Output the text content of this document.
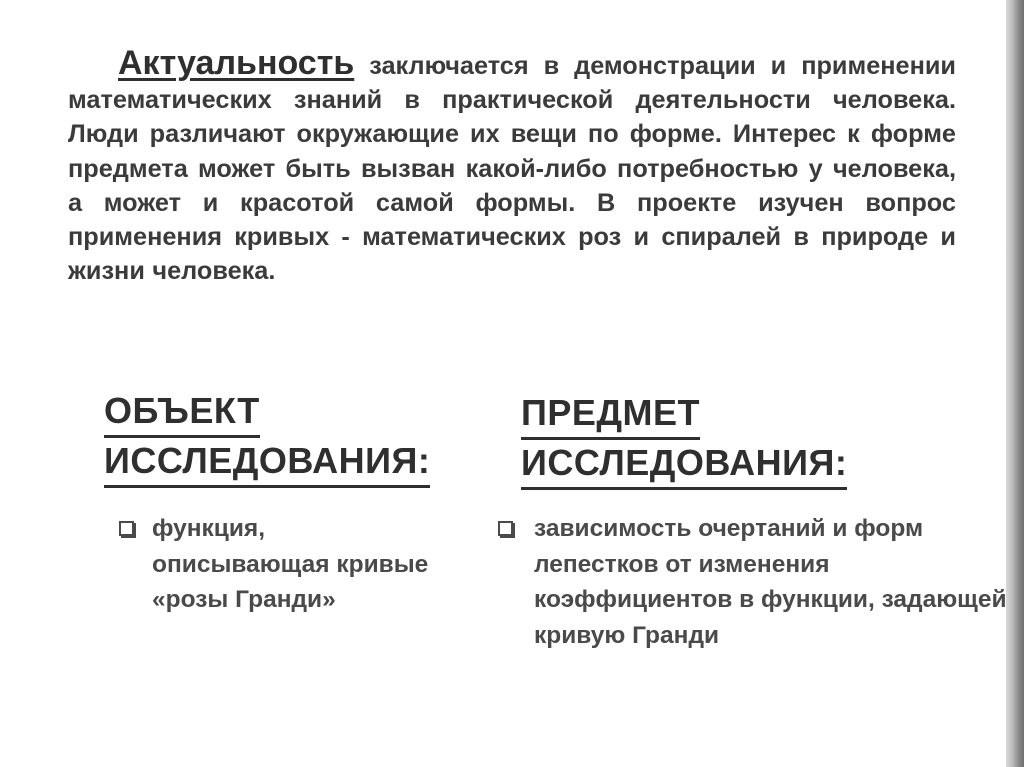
Актуальность заключается в демонстрации и применении математических знаний в практической деятельности человека. Люди различают окружающие их вещи по форме. Интерес к форме предмета может быть вызван какой-либо потребностью у человека, а может и красотой самой формы. В проекте изучен вопрос применения кривых - математических роз и спиралей в природе и жизни человека.

ОБЪЕКТ
ИССЛЕДОВАНИЯ:
ПРЕДМЕТ
ИССЛЕДОВАНИЯ:
функция, описывающая кривые «розы Гранди»
зависимость очертаний и форм лепестков от изменения коэффициентов в функции, задающей кривую Гранди
